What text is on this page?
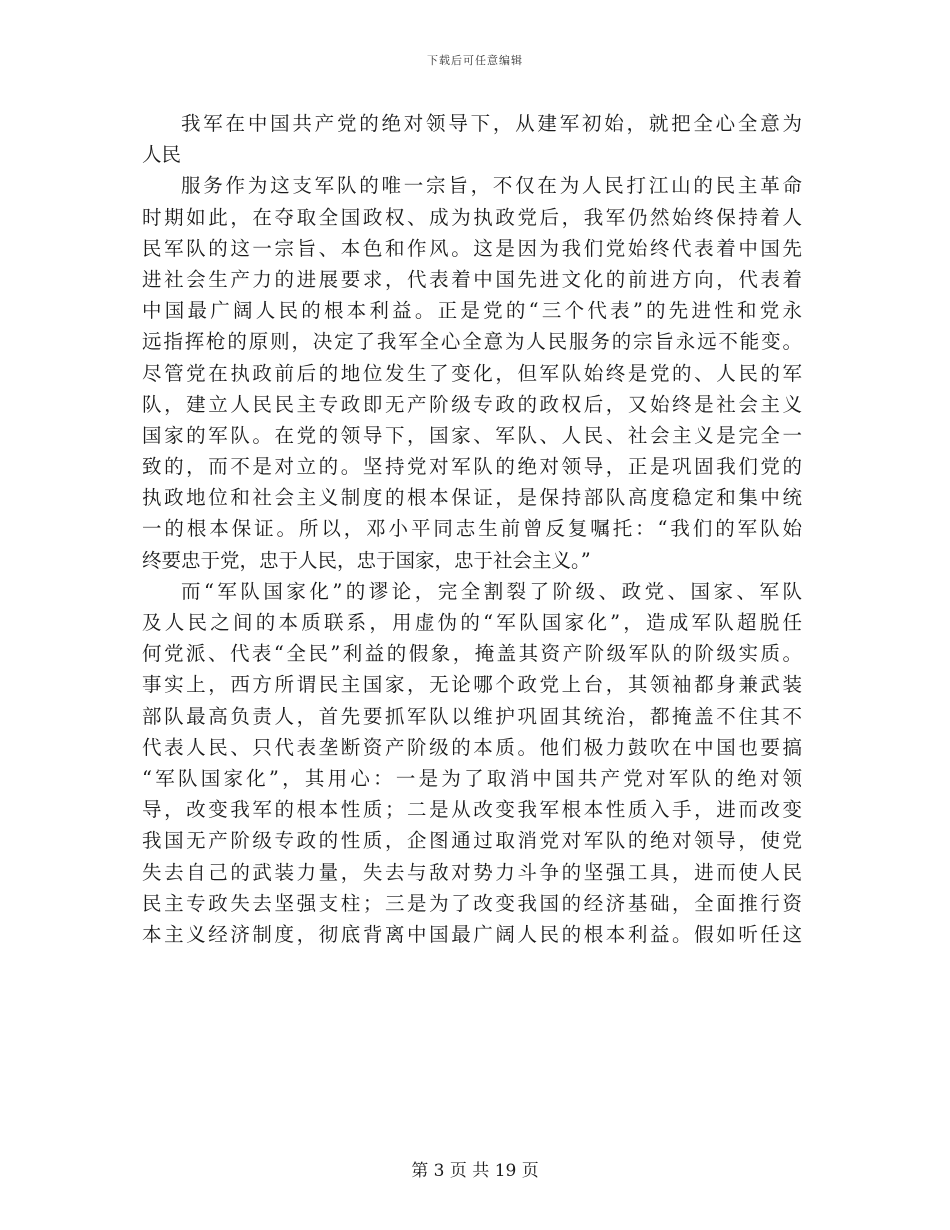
下载后可任意编辑
我军在中国共产党的绝对领导下，从建军初始，就把全心全意为
人民
服务作为这支军队的唯一宗旨，不仅在为人民打江山的民主革命
时期如此，在夺取全国政权、成为执政党后，我军仍然始终保持着人
民军队的这一宗旨、本色和作风。这是因为我们党始终代表着中国先
进社会生产力的进展要求，代表着中国先进文化的前进方向，代表着
中国最广阔人民的根本利益。正是党的“三个代表”的先进性和党永
远指挥枪的原则，决定了我军全心全意为人民服务的宗旨永远不能变。
尽管党在执政前后的地位发生了变化，但军队始终是党的、人民的军
队，建立人民民主专政即无产阶级专政的政权后，又始终是社会主义
国家的军队。在党的领导下，国家、军队、人民、社会主义是完全一
致的，而不是对立的。坚持党对军队的绝对领导，正是巩固我们党的
执政地位和社会主义制度的根本保证，是保持部队高度稳定和集中统
一的根本保证。所以，邓小平同志生前曾反复嘱托：“我们的军队始
终要忠于党，忠于人民，忠于国家，忠于社会主义。”
而“军队国家化”的谬论，完全割裂了阶级、政党、国家、军队
及人民之间的本质联系，用虚伪的“军队国家化”，造成军队超脱任
何党派、代表“全民”利益的假象，掩盖其资产阶级军队的阶级实质。
事实上，西方所谓民主国家，无论哪个政党上台，其领袖都身兼武装
部队最高负责人，首先要抓军队以维护巩固其统治，都掩盖不住其不
代表人民、只代表垄断资产阶级的本质。他们极力鼓吹在中国也要搞
“军队国家化”，其用心：一是为了取消中国共产党对军队的绝对领
导，改变我军的根本性质；二是从改变我军根本性质入手，进而改变
我国无产阶级专政的性质，企图通过取消党对军队的绝对领导，使党
失去自己的武装力量，失去与敌对势力斗争的坚强工具，进而使人民
民主专政失去坚强支柱；三是为了改变我国的经济基础，全面推行资
本主义经济制度，彻底背离中国最广阔人民的根本利益。假如听任这
第 3 页 共 19 页
